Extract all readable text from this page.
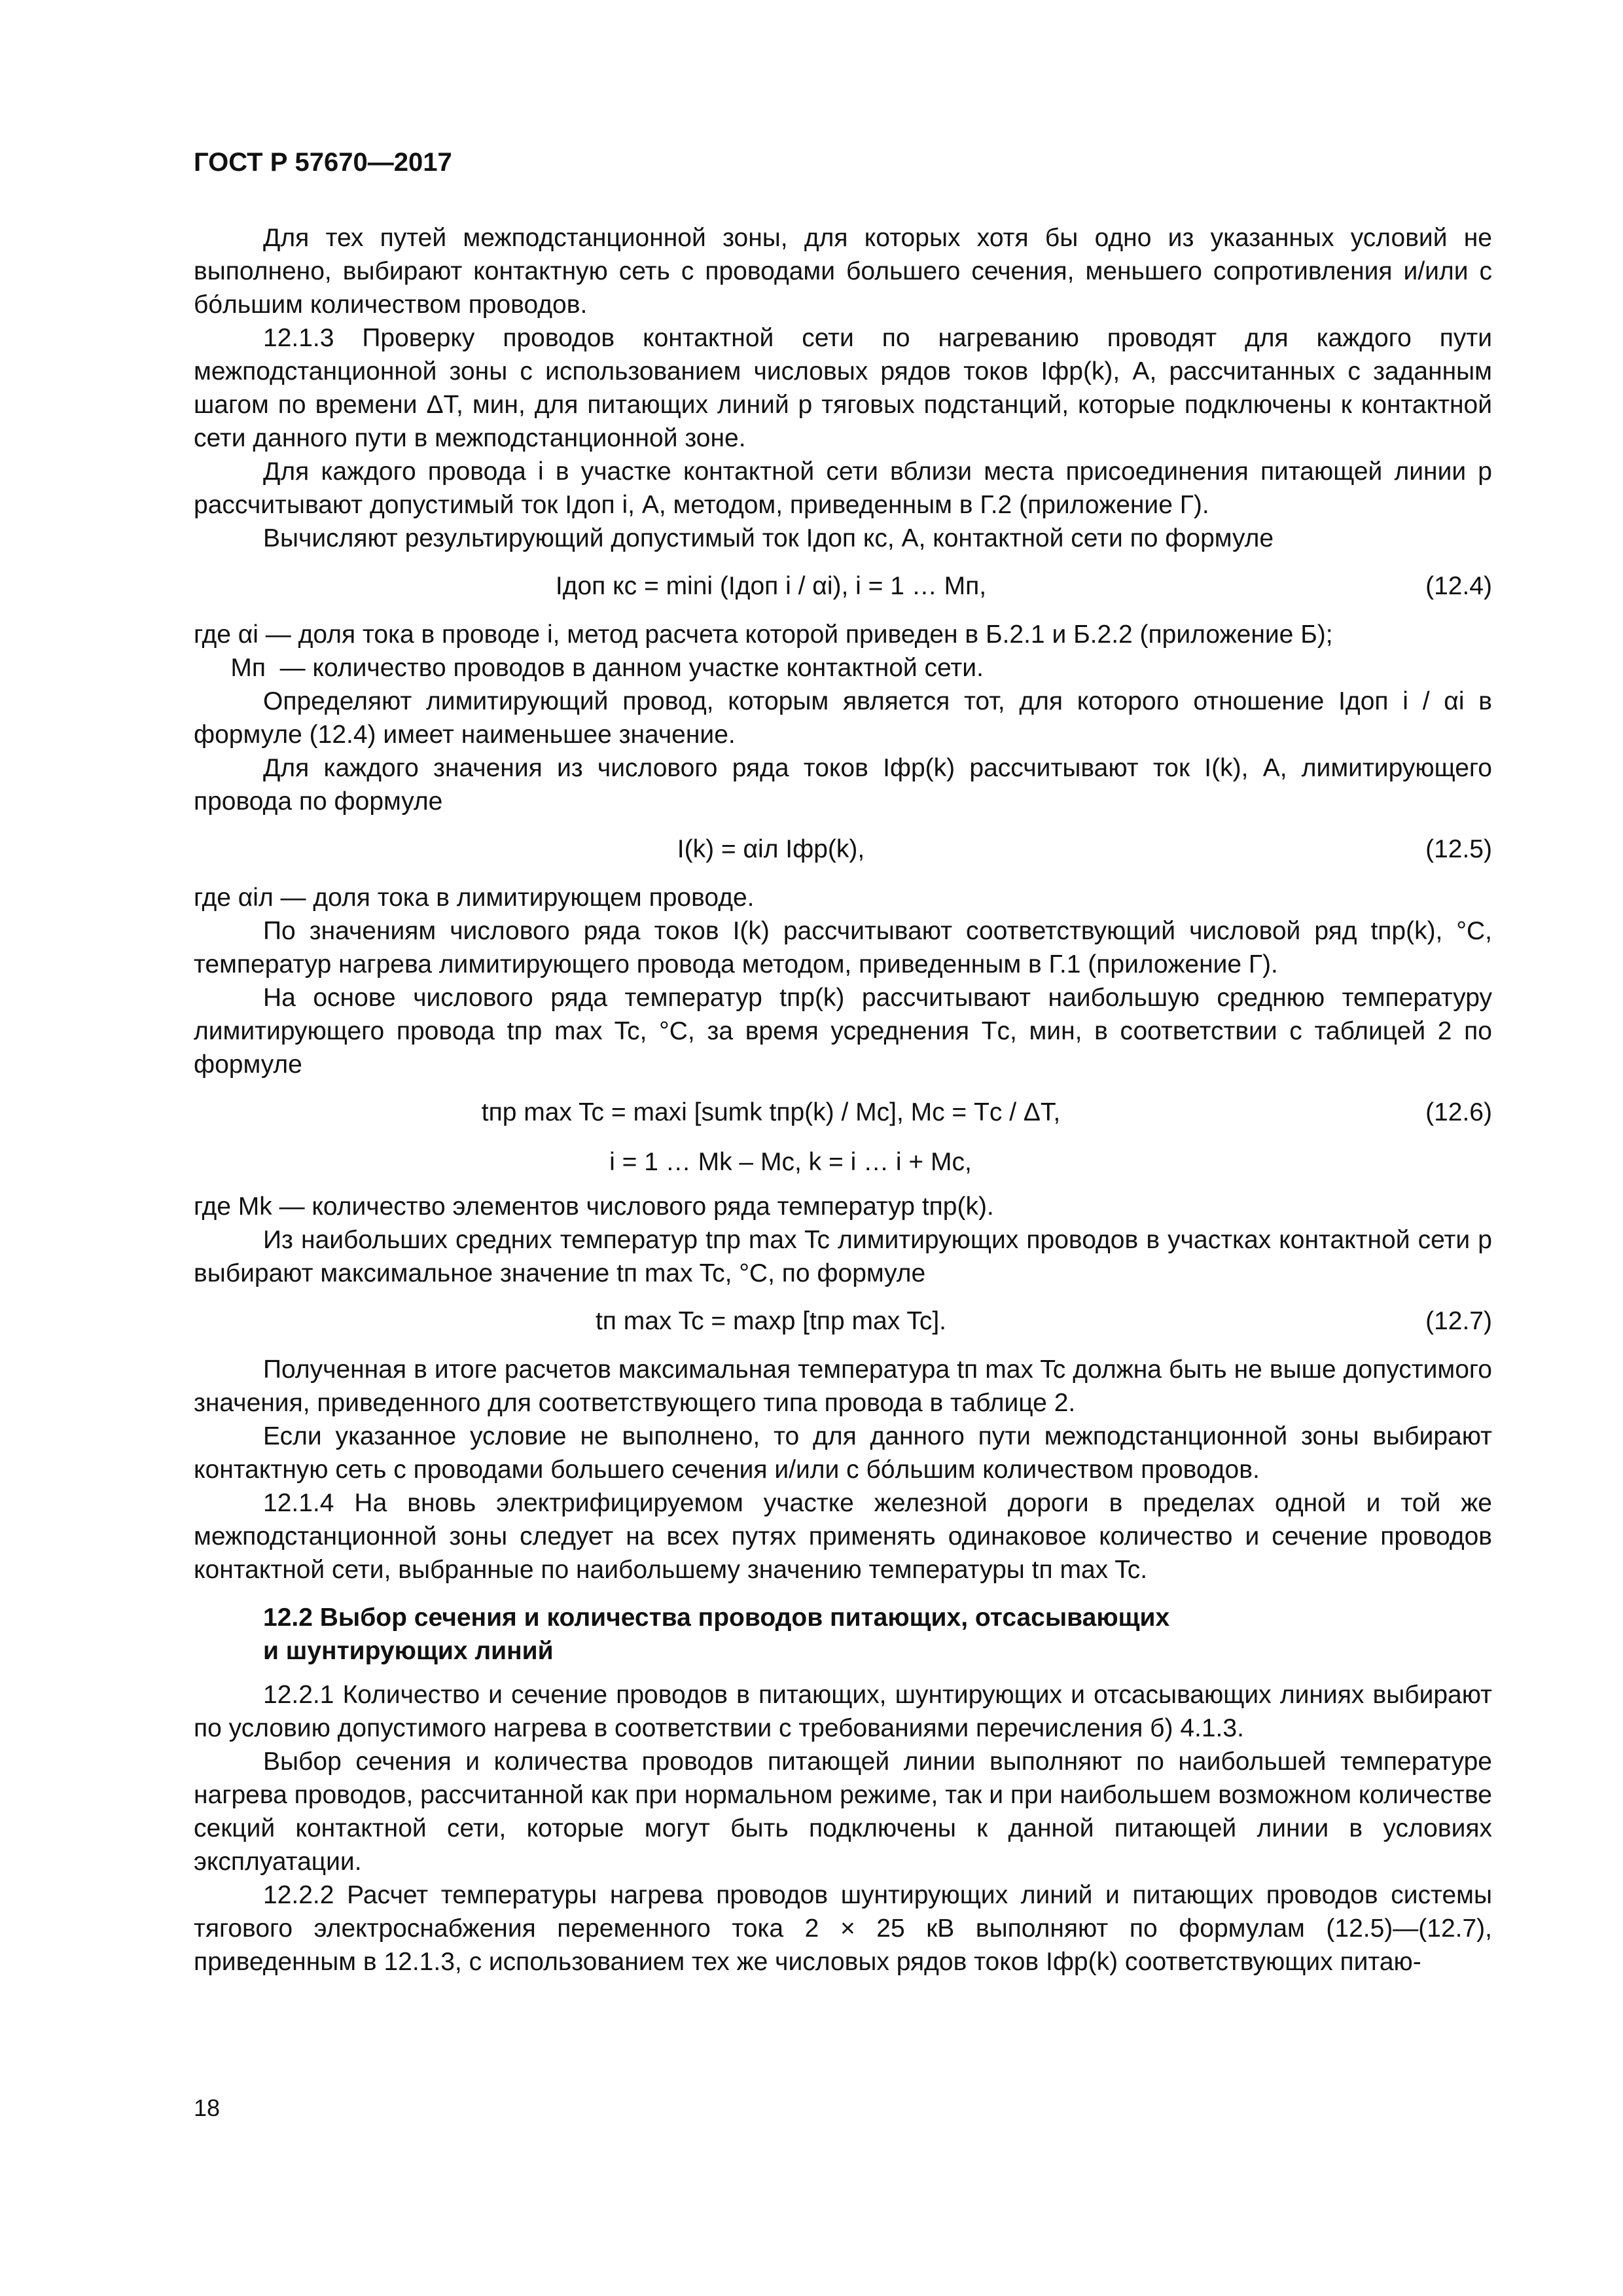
ГОСТ Р 57670—2017

Для тех путей межподстанционной зоны, для которых хотя бы одно из указанных условий не выполнено, выбирают контактную сеть с проводами большего сечения, меньшего сопротивления и/или с бо́льшим количеством проводов.

12.1.3 Проверку проводов контактной сети по нагреванию проводят для каждого пути межподстанционной зоны с использованием числовых рядов токов Iфр(k), А, рассчитанных с заданным шагом по времени ΔT, мин, для питающих линий р тяговых подстанций, которые подключены к контактной сети данного пути в межподстанционной зоне.

Для каждого провода i в участке контактной сети вблизи места присоединения питающей линии р рассчитывают допустимый ток Iдоп i, А, методом, приведенным в Г.2 (приложение Г).

Вычисляют результирующий допустимый ток Iдоп кс, А, контактной сети по формуле

Iдоп кс = mini (Iдоп i / αi), i = 1 … Mп,	(12.4)

где αi — доля тока в проводе i, метод расчета которой приведен в Б.2.1 и Б.2.2 (приложение Б);

Mп — количество проводов в данном участке контактной сети.

Определяют лимитирующий провод, которым является тот, для которого отношение Iдоп i / αi в формуле (12.4) имеет наименьшее значение.

Для каждого значения из числового ряда токов Iфр(k) рассчитывают ток I(k), А, лимитирующего провода по формуле

I(k) = αiл Iфр(k),	(12.5)

где αiл — доля тока в лимитирующем проводе.

По значениям числового ряда токов I(k) рассчитывают соответствующий числовой ряд tпр(k), °С, температур нагрева лимитирующего провода методом, приведенным в Г.1 (приложение Г).

На основе числового ряда температур tпр(k) рассчитывают наибольшую среднюю температуру лимитирующего провода tпр max Tc, °С, за время усреднения Tс, мин, в соответствии с таблицей 2 по формуле

tпр max Tc = maxi [sumk tпр(k) / Mс], Mс = Tс / ΔT,	(12.6)
i = 1 … Mk – Mс, k = i … i + Mс,

где Mk — количество элементов числового ряда температур tпр(k).

Из наибольших средних температур tпр max Tc лимитирующих проводов в участках контактной сети р выбирают максимальное значение tп max Tc, °С, по формуле

tп max Tc = maxp [tпр max Tc].	(12.7)

Полученная в итоге расчетов максимальная температура tп max Tc должна быть не выше допустимого значения, приведенного для соответствующего типа провода в таблице 2.

Если указанное условие не выполнено, то для данного пути межподстанционной зоны выбирают контактную сеть с проводами большего сечения и/или с бо́льшим количеством проводов.

12.1.4 На вновь электрифицируемом участке железной дороги в пределах одной и той же межподстанционной зоны следует на всех путях применять одинаковое количество и сечение проводов контактной сети, выбранные по наибольшему значению температуры tп max Tc.

12.2 Выбор сечения и количества проводов питающих, отсасывающих
и шунтирующих линий

12.2.1 Количество и сечение проводов в питающих, шунтирующих и отсасывающих линиях выбирают по условию допустимого нагрева в соответствии с требованиями перечисления б) 4.1.3.

Выбор сечения и количества проводов питающей линии выполняют по наибольшей температуре нагрева проводов, рассчитанной как при нормальном режиме, так и при наибольшем возможном количестве секций контактной сети, которые могут быть подключены к данной питающей линии в условиях эксплуатации.

12.2.2 Расчет температуры нагрева проводов шунтирующих линий и питающих проводов системы тягового электроснабжения переменного тока 2 × 25 кВ выполняют по формулам (12.5)—(12.7), приведенным в 12.1.3, с использованием тех же числовых рядов токов Iфр(k) соответствующих питаю-

18
